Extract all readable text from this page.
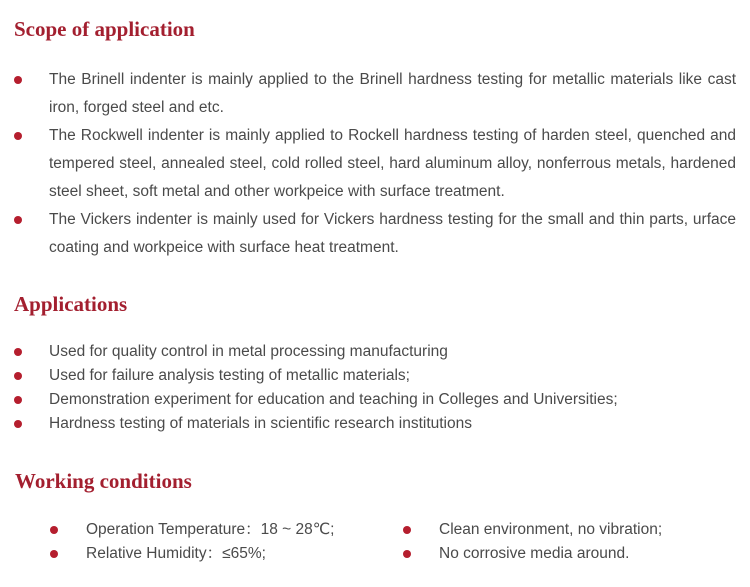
Scope of application
The Brinell indenter is mainly applied to the Brinell hardness testing for metallic materials like cast iron, forged steel and etc.
The Rockwell indenter is mainly applied to Rockell hardness testing of harden steel, quenched and tempered steel, annealed steel, cold rolled steel, hard aluminum alloy, nonferrous metals, hardened steel sheet, soft metal and other workpeice with surface treatment.
The Vickers indenter is mainly used for Vickers hardness testing for the small and thin parts, urface coating and workpeice with surface heat treatment.
Applications
Used for quality control in metal processing manufacturing
Used for failure analysis testing of metallic materials;
Demonstration experiment for education and teaching in Colleges and Universities;
Hardness testing of materials in scientific research institutions
Working conditions
Operation Temperature：18 ~ 28℃;	Clean environment, no vibration;
Relative Humidity：≤65%;	No corrosive media around.
